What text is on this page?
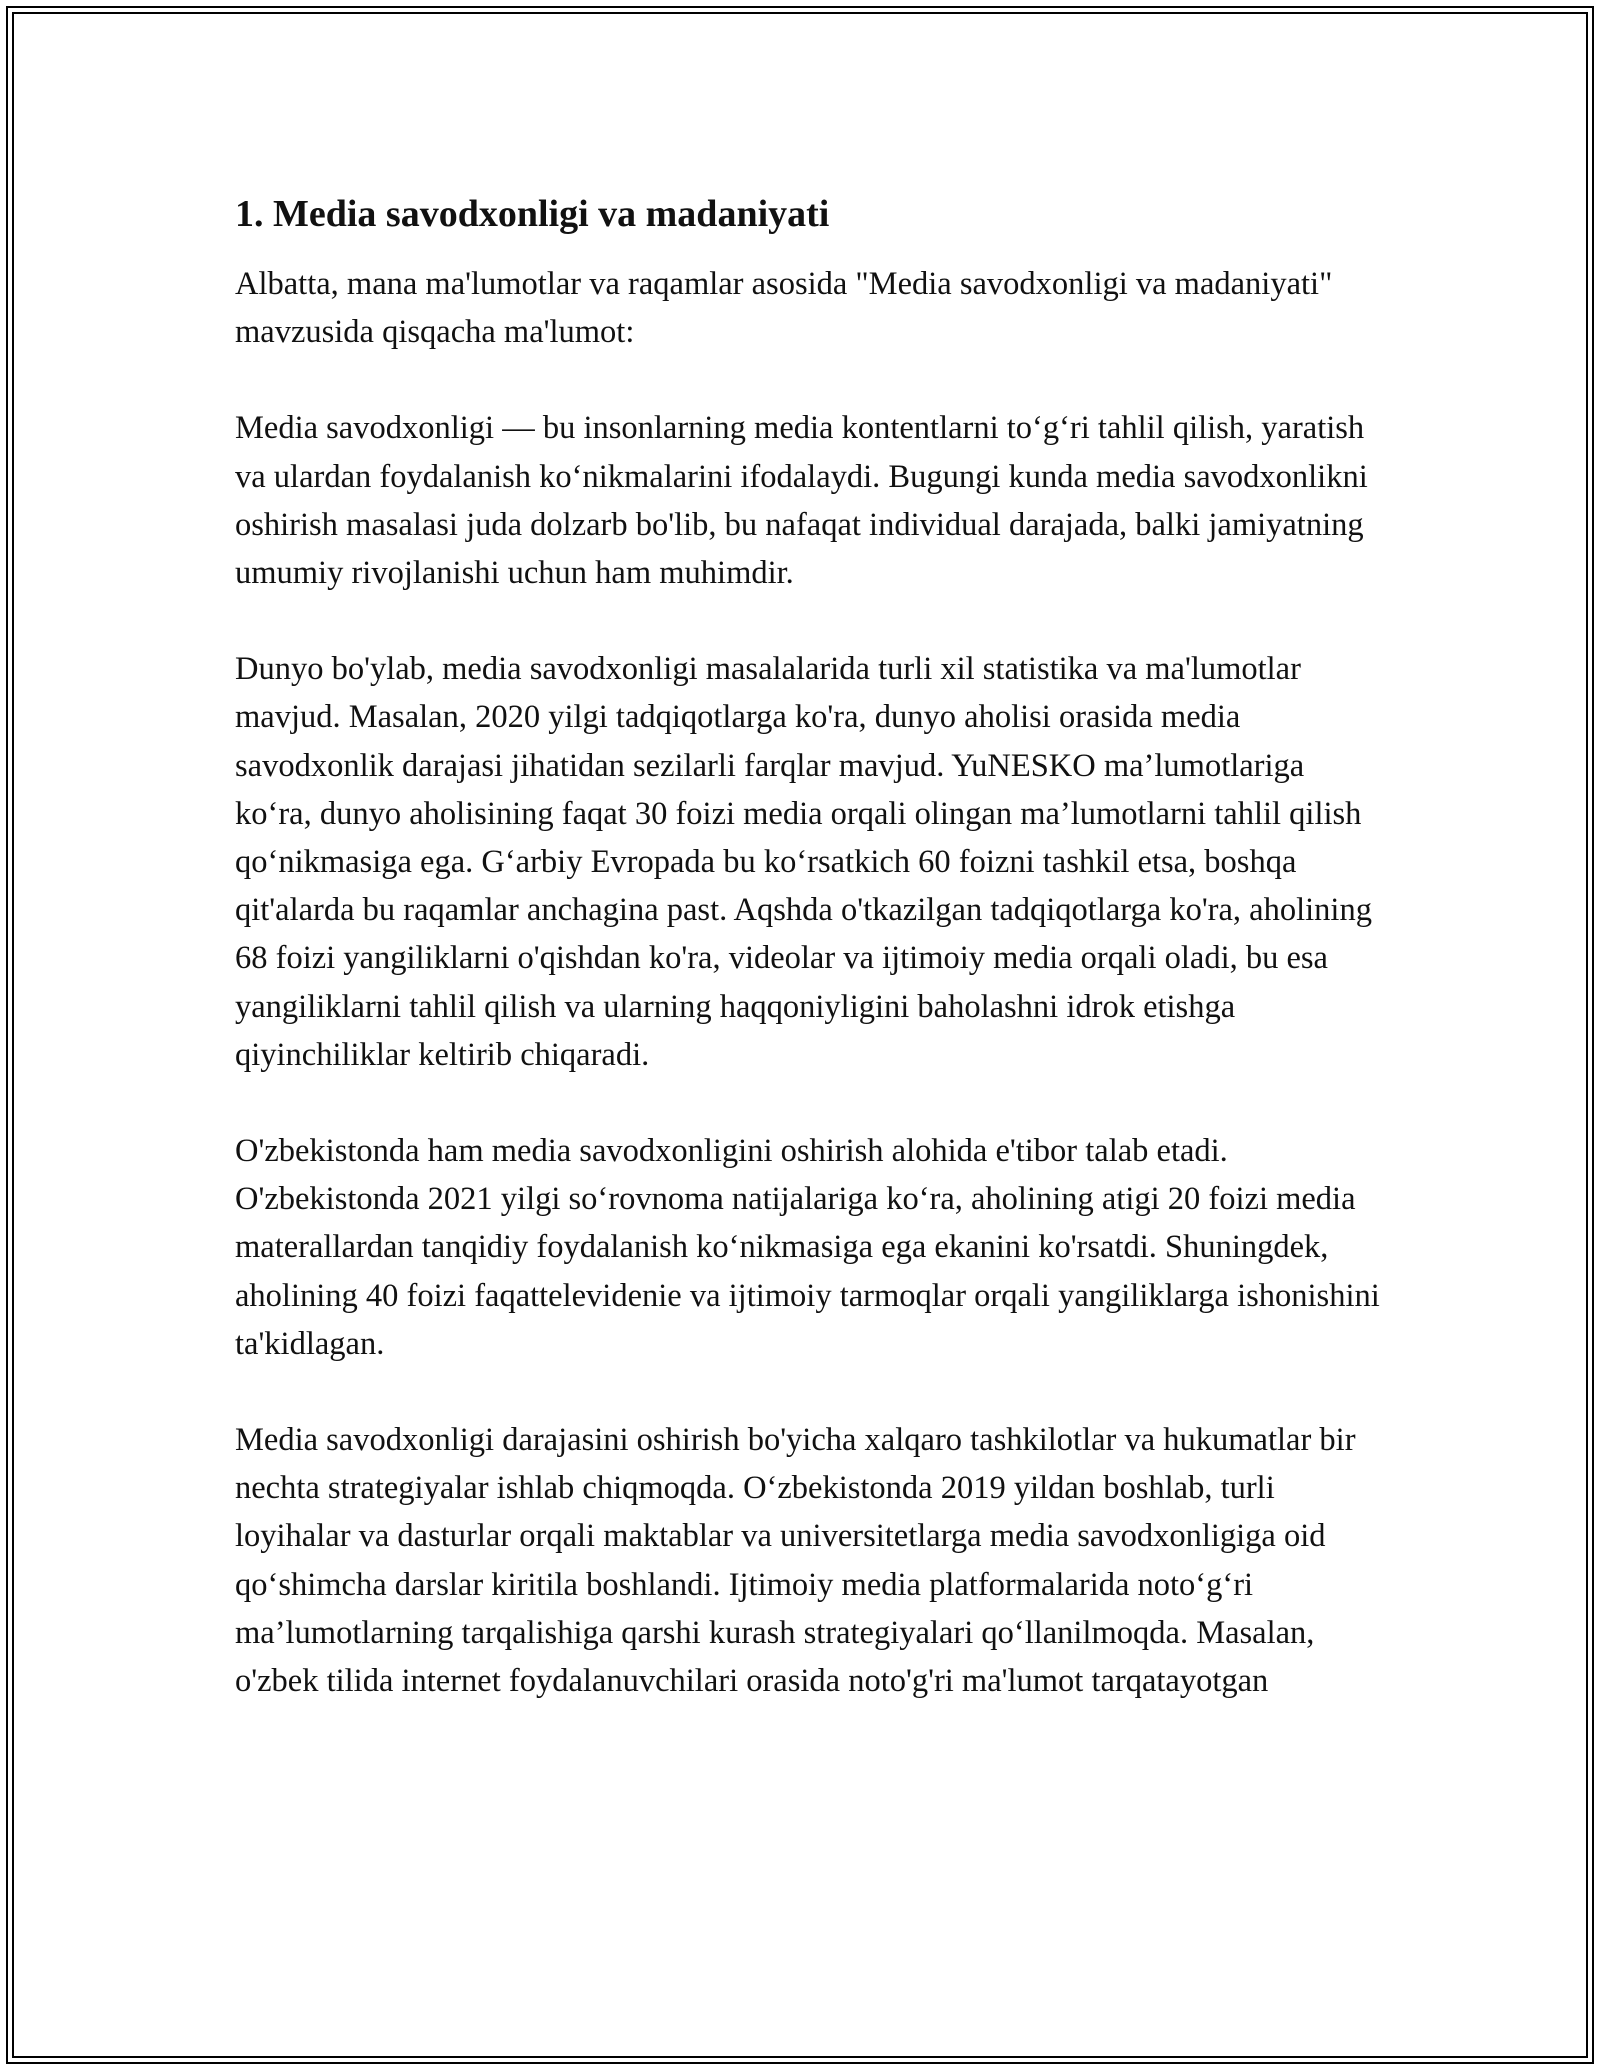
1. Media savodxonligi va madaniyati

Albatta, mana ma'lumotlar va raqamlar asosida "Media savodxonligi va madaniyati" mavzusida qisqacha ma'lumot:

Media savodxonligi — bu insonlarning media kontentlarni to‘g‘ri tahlil qilish, yaratish va ulardan foydalanish ko‘nikmalarini ifodalaydi. Bugungi kunda media savodxonlikni oshirish masalasi juda dolzarb bo'lib, bu nafaqat individual darajada, balki jamiyatning umumiy rivojlanishi uchun ham muhimdir.

Dunyo bo'ylab, media savodxonligi masalalarida turli xil statistika va ma'lumotlar mavjud. Masalan, 2020 yilgi tadqiqotlarga ko'ra, dunyo aholisi orasida media savodxonlik darajasi jihatidan sezilarli farqlar mavjud. YuNESKO ma’lumotlariga ko‘ra, dunyo aholisining faqat 30 foizi media orqali olingan ma’lumotlarni tahlil qilish qo‘nikmasiga ega. G‘arbiy Evropada bu ko‘rsatkich 60 foizni tashkil etsa, boshqa qit'alarda bu raqamlar anchagina past. Aqshda o'tkazilgan tadqiqotlarga ko'ra, aholining 68 foizi yangiliklarni o'qishdan ko'ra, videolar va ijtimoiy media orqali oladi, bu esa yangiliklarni tahlil qilish va ularning haqqoniyligini baholashni idrok etishga qiyinchiliklar keltirib chiqaradi.

O'zbekistonda ham media savodxonligini oshirish alohida e'tibor talab etadi. O'zbekistonda 2021 yilgi so‘rovnoma natijalariga ko‘ra, aholining atigi 20 foizi media materallardan tanqidiy foydalanish ko‘nikmasiga ega ekanini ko'rsatdi. Shuningdek, aholining 40 foizi faqattelevidenie va ijtimoiy tarmoqlar orqali yangiliklarga ishonishini ta'kidlagan.

Media savodxonligi darajasini oshirish bo'yicha xalqaro tashkilotlar va hukumatlar bir nechta strategiyalar ishlab chiqmoqda. O‘zbekistonda 2019 yildan boshlab, turli loyihalar va dasturlar orqali maktablar va universitetlarga media savodxonligiga oid qo‘shimcha darslar kiritila boshlandi. Ijtimoiy media platformalarida noto‘g‘ri ma’lumotlarning tarqalishiga qarshi kurash strategiyalari qo‘llanilmoqda. Masalan, o'zbek tilida internet foydalanuvchilari orasida noto'g'ri ma'lumot tarqatayotgan
